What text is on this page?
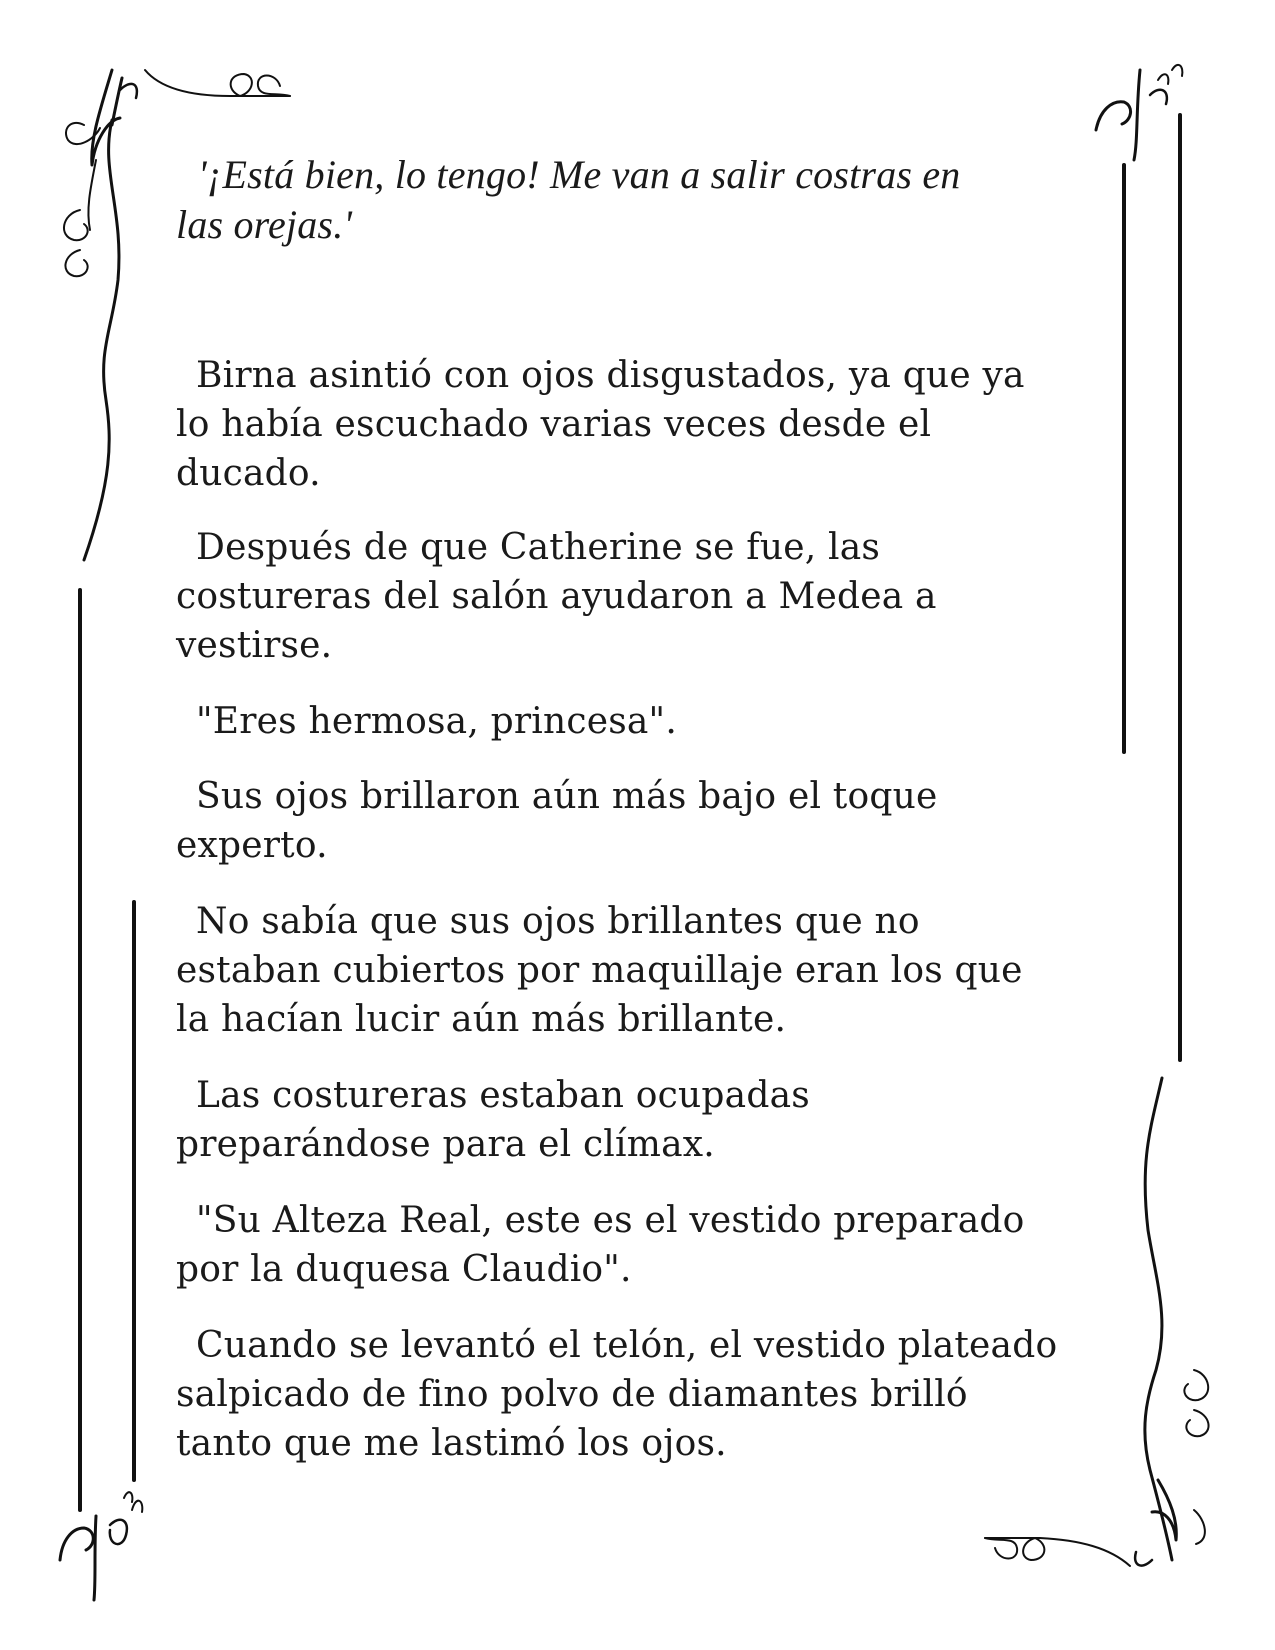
'¡Está bien, lo tengo! Me van a salir costras en
las orejas.'
Birna asintió con ojos disgustados, ya que ya
lo había escuchado varias veces desde el
ducado.
Después de que Catherine se fue, las
costureras del salón ayudaron a Medea a
vestirse.
"Eres hermosa, princesa".
Sus ojos brillaron aún más bajo el toque
experto.
No sabía que sus ojos brillantes que no
estaban cubiertos por maquillaje eran los que
la hacían lucir aún más brillante.
Las costureras estaban ocupadas
preparándose para el clímax.
"Su Alteza Real, este es el vestido preparado
por la duquesa Claudio".
Cuando se levantó el telón, el vestido plateado
salpicado de fino polvo de diamantes brilló
tanto que me lastimó los ojos.
